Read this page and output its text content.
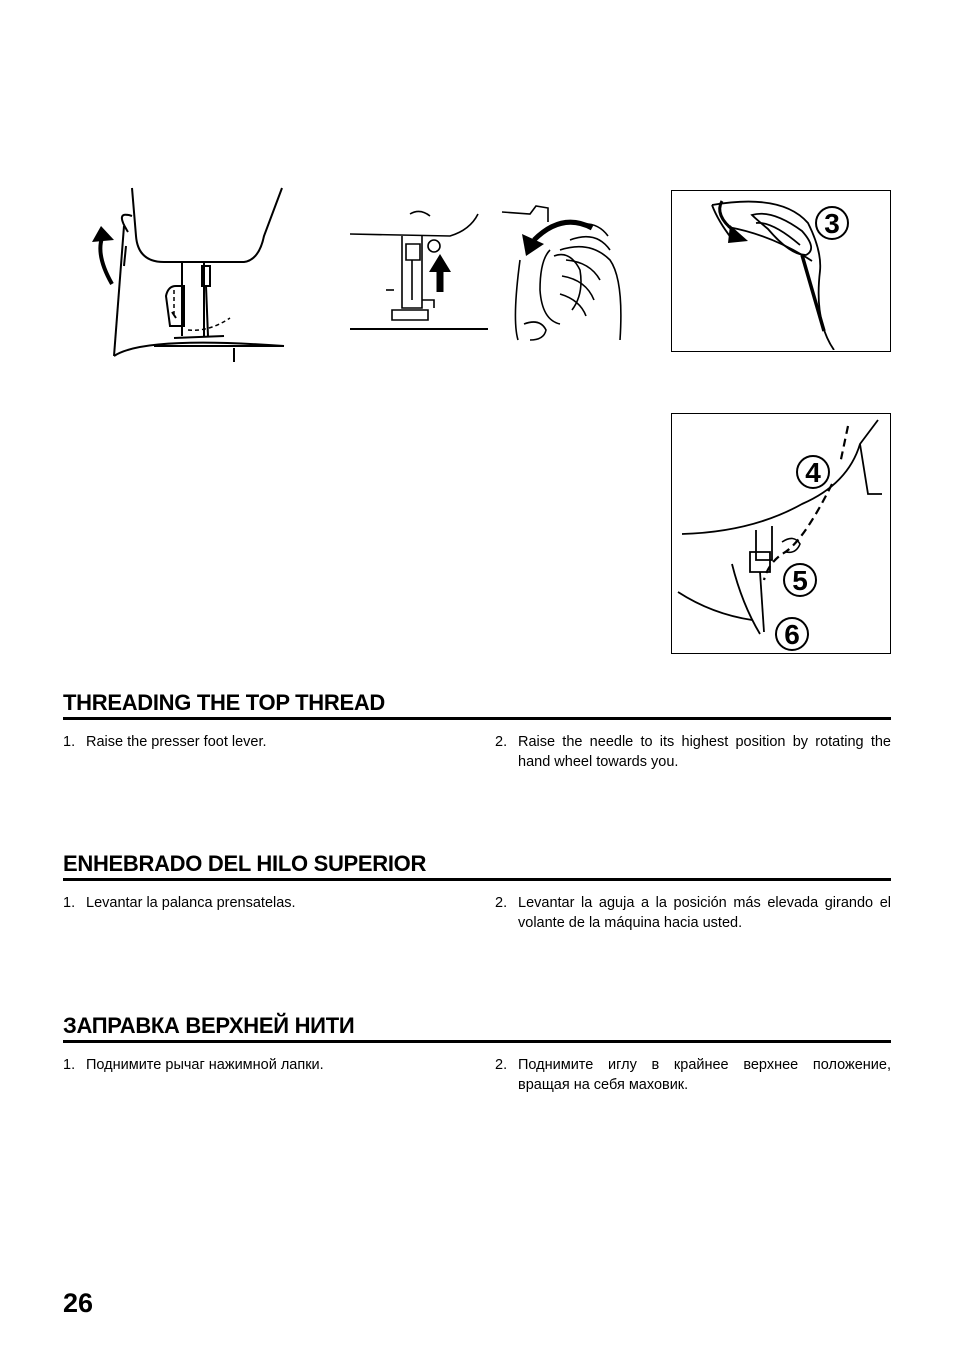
3
4
5
6
THREADING THE TOP THREAD
1. Raise the presser foot lever.	2. Raise the needle to its highest position by rotating the hand wheel towards you.
ENHEBRADO DEL HILO SUPERIOR
1. Levantar la palanca prensatelas.	2. Levantar la aguja a la posición más elevada girando el volante de la máquina hacia usted.
ЗАПРАВКА ВЕРХНЕЙ НИТИ
1. Поднимите рычаг нажимной лапки.	2. Поднимите иглу в крайнее верхнее положение, вращая на себя маховик.
26
